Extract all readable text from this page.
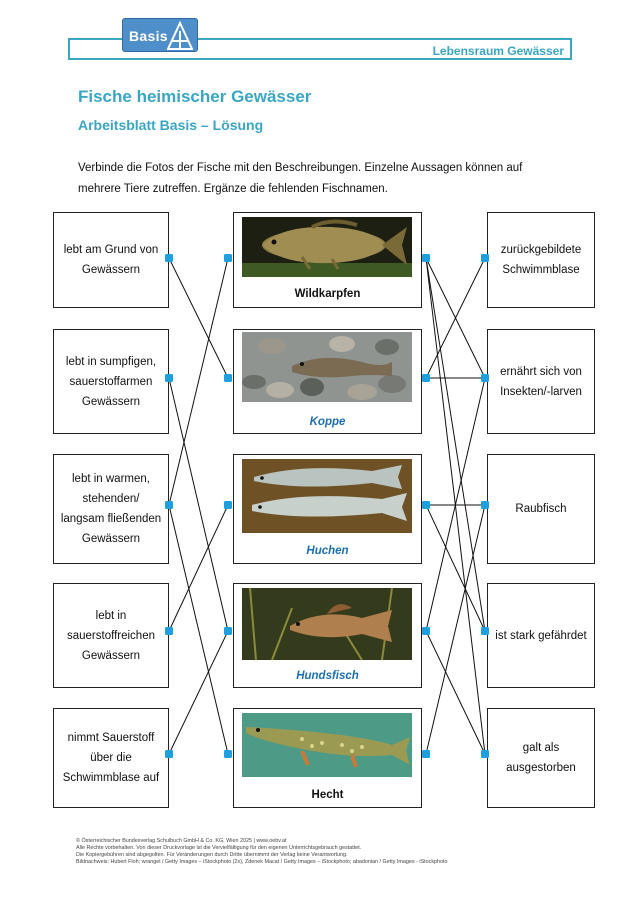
Basis
Lebensraum Gewässer
Fische heimischer Gewässer
Arbeitsblatt Basis – Lösung
Verbinde die Fotos der Fische mit den Beschreibungen. Einzelne Aussagen können auf
mehrere Tiere zutreffen. Ergänze die fehlenden Fischnamen.
lebt am Grund von
Gewässern
lebt in sumpfigen,
sauerstoffarmen
Gewässern
lebt in warmen,
stehenden/
langsam fließenden
Gewässern
lebt in
sauerstoffreichen
Gewässern
nimmt Sauerstoff
über die
Schwimmblase auf
Wildkarpfen
Koppe
Huchen
Hundsfisch
Hecht
zurückgebildete
Schwimmblase
ernährt sich von
Insekten/-larven
Raubfisch
ist stark gefährdet
galt als
ausgestorben
© Österreichischer Bundesverlag Schulbuch GmbH & Co. KG, Wien 2025 | www.oebv.at
Alle Rechte vorbehalten. Von dieser Druckvorlage ist die Vervielfältigung für den eigenen Unterrichtsgebrauch gestattet.
Die Kopiergebühren sind abgegolten. Für Veränderungen durch Dritte übernimmt der Verlag keine Verantwortung.
Bildnachweis: Hubert Floh; wrangel / Getty Images – iStockphoto (2x), Zdenek Macat / Getty Images – iStockphoto; abadonian / Getty Images - iStockphoto
